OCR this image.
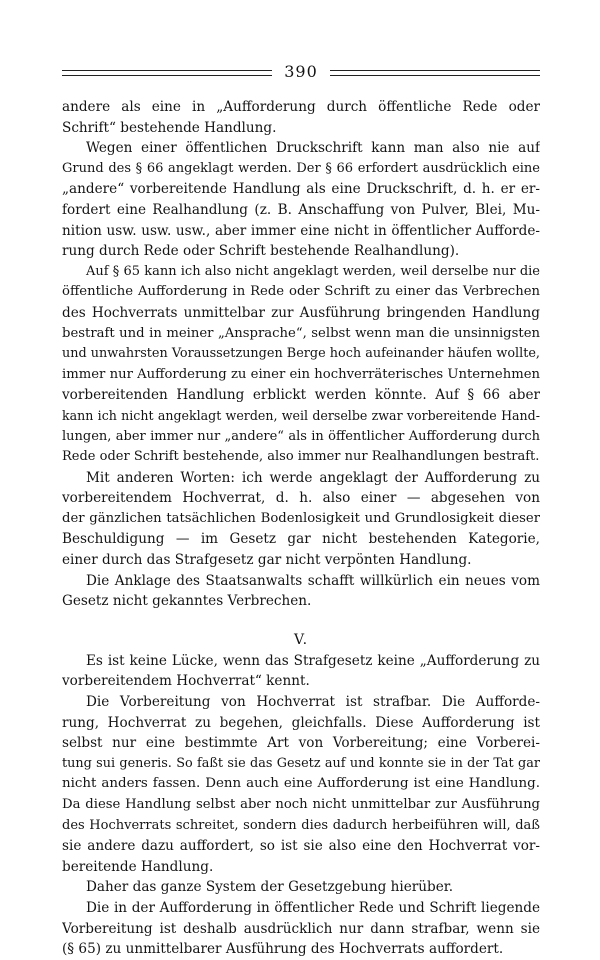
390
andere als eine in „Aufforderung durch öffentliche Rede oder
Schrift“ bestehende Handlung.
Wegen einer öffentlichen Druckschrift kann man also nie auf
Grund des § 66 angeklagt werden. Der § 66 erfordert ausdrücklich eine
„andere“ vorbereitende Handlung als eine Druckschrift, d. h. er er-
fordert eine Realhandlung (z. B. Anschaffung von Pulver, Blei, Mu-
nition usw. usw. usw., aber immer eine nicht in öffentlicher Aufforde-
rung durch Rede oder Schrift bestehende Realhandlung).
Auf § 65 kann ich also nicht angeklagt werden, weil derselbe nur die
öffentliche Aufforderung in Rede oder Schrift zu einer das Verbrechen
des Hochverrats unmittelbar zur Ausführung bringenden Handlung
bestraft und in meiner „Ansprache“, selbst wenn man die unsinnigsten
und unwahrsten Voraussetzungen Berge hoch aufeinander häufen wollte,
immer nur Aufforderung zu einer ein hochverräterisches Unternehmen
vorbereitenden Handlung erblickt werden könnte. Auf § 66 aber
kann ich nicht angeklagt werden, weil derselbe zwar vorbereitende Hand-
lungen, aber immer nur „andere“ als in öffentlicher Aufforderung durch
Rede oder Schrift bestehende, also immer nur Realhandlungen bestraft.
Mit anderen Worten: ich werde angeklagt der Aufforderung zu
vorbereitendem Hochverrat, d. h. also einer — abgesehen von
der gänzlichen tatsächlichen Bodenlosigkeit und Grundlosigkeit dieser
Beschuldigung — im Gesetz gar nicht bestehenden Kategorie,
einer durch das Strafgesetz gar nicht verpönten Handlung.
Die Anklage des Staatsanwalts schafft willkürlich ein neues vom
Gesetz nicht gekanntes Verbrechen.
V.
Es ist keine Lücke, wenn das Strafgesetz keine „Aufforderung zu
vorbereitendem Hochverrat“ kennt.
Die Vorbereitung von Hochverrat ist strafbar. Die Aufforde-
rung, Hochverrat zu begehen, gleichfalls. Diese Aufforderung ist
selbst nur eine bestimmte Art von Vorbereitung; eine Vorberei-
tung sui generis. So faßt sie das Gesetz auf und konnte sie in der Tat gar
nicht anders fassen. Denn auch eine Aufforderung ist eine Handlung.
Da diese Handlung selbst aber noch nicht unmittelbar zur Ausführung
des Hochverrats schreitet, sondern dies dadurch herbeiführen will, daß
sie andere dazu auffordert, so ist sie also eine den Hochverrat vor-
bereitende Handlung.
Daher das ganze System der Gesetzgebung hierüber.
Die in der Aufforderung in öffentlicher Rede und Schrift liegende
Vorbereitung ist deshalb ausdrücklich nur dann strafbar, wenn sie
(§ 65) zu unmittelbarer Ausführung des Hochverrats auffordert.
